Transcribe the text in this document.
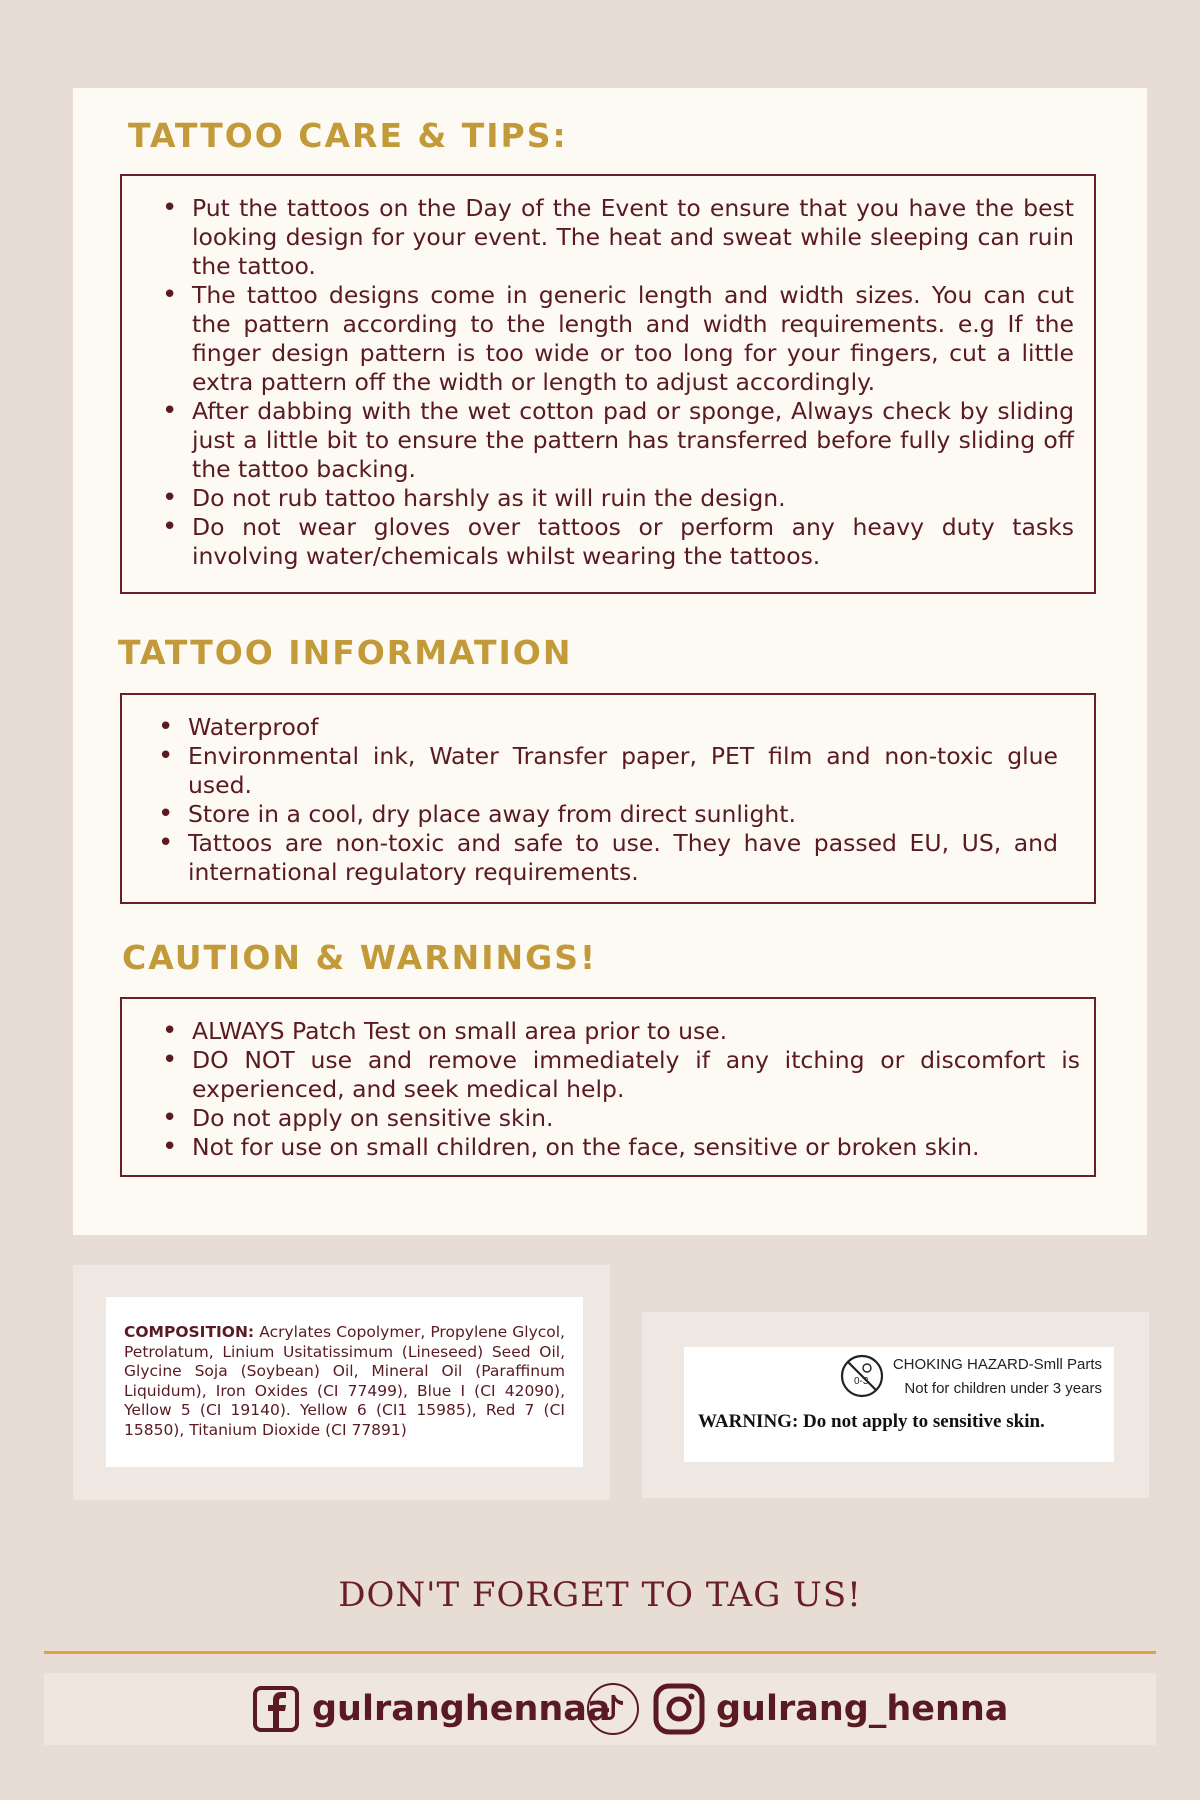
TATTOO CARE & TIPS:
• Put the tattoos on the Day of the Event to ensure that you have the best looking design for your event. The heat and sweat while sleeping can ruin the tattoo.
• The tattoo designs come in generic length and width sizes. You can cut the pattern according to the length and width requirements. e.g If the finger design pattern is too wide or too long for your fingers, cut a little extra pattern off the width or length to adjust accordingly.
• After dabbing with the wet cotton pad or sponge, Always check by sliding just a little bit to ensure the pattern has transferred before fully sliding off the tattoo backing.
• Do not rub tattoo harshly as it will ruin the design.
• Do not wear gloves over tattoos or perform any heavy duty tasks involving water/chemicals whilst wearing the tattoos.
TATTOO INFORMATION
• Waterproof
• Environmental ink, Water Transfer paper, PET film and non-toxic glue used.
• Store in a cool, dry place away from direct sunlight.
• Tattoos are non-toxic and safe to use. They have passed EU, US, and international regulatory requirements.
CAUTION & WARNINGS!
• ALWAYS Patch Test on small area prior to use.
• DO NOT use and remove immediately if any itching or discomfort is experienced, and seek medical help.
• Do not apply on sensitive skin.
• Not for use on small children, on the face, sensitive or broken skin.
COMPOSITION: Acrylates Copolymer, Propylene Glycol, Petrolatum, Linium Usitatissimum (Lineseed) Seed Oil, Glycine Soja (Soybean) Oil, Mineral Oil (Paraffinum Liquidum), Iron Oxides (CI 77499), Blue I (CI 42090), Yellow 5 (CI 19140). Yellow 6 (CI1 15985), Red 7 (CI 15850), Titanium Dioxide (CI 77891)
0-3
CHOKING HAZARD-Smll Parts
Not for children under 3 years
WARNING: Do not apply to sensitive skin.
DON'T FORGET TO TAG US!
gulranghennaa	gulrang_henna
